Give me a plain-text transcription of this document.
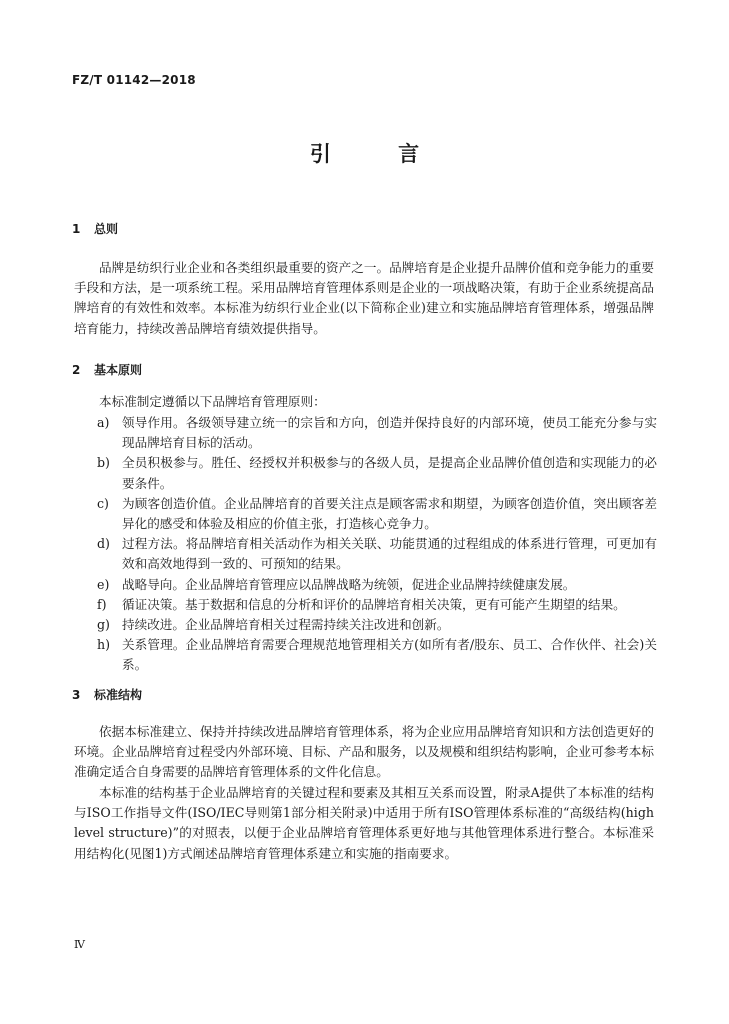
FZ/T 01142—2018
引 言
1 总则

品牌是纺织行业企业和各类组织最重要的资产之一。品牌培育是企业提升品牌价值和竞争能力的重要手段和方法，是一项系统工程。采用品牌培育管理体系则是企业的一项战略决策，有助于企业系统提高品牌培育的有效性和效率。本标准为纺织行业企业(以下简称企业)建立和实施品牌培育管理体系，增强品牌培育能力，持续改善品牌培育绩效提供指导。

2 基本原则

本标准制定遵循以下品牌培育管理原则：

a) 领导作用。各级领导建立统一的宗旨和方向，创造并保持良好的内部环境，使员工能充分参与实现品牌培育目标的活动。
b) 全员积极参与。胜任、经授权并积极参与的各级人员，是提高企业品牌价值创造和实现能力的必要条件。
c) 为顾客创造价值。企业品牌培育的首要关注点是顾客需求和期望，为顾客创造价值，突出顾客差异化的感受和体验及相应的价值主张，打造核心竞争力。
d) 过程方法。将品牌培育相关活动作为相关关联、功能贯通的过程组成的体系进行管理，可更加有效和高效地得到一致的、可预知的结果。
e) 战略导向。企业品牌培育管理应以品牌战略为统领，促进企业品牌持续健康发展。
f) 循证决策。基于数据和信息的分析和评价的品牌培育相关决策，更有可能产生期望的结果。
g) 持续改进。企业品牌培育相关过程需持续关注改进和创新。
h) 关系管理。企业品牌培育需要合理规范地管理相关方(如所有者/股东、员工、合作伙伴、社会)关系。
3 标准结构

依据本标准建立、保持并持续改进品牌培育管理体系，将为企业应用品牌培育知识和方法创造更好的环境。企业品牌培育过程受内外部环境、目标、产品和服务，以及规模和组织结构影响，企业可参考本标准确定适合自身需要的品牌培育管理体系的文件化信息。

本标准的结构基于企业品牌培育的关键过程和要素及其相互关系而设置，附录A提供了本标准的结构与ISO工作指导文件(ISO/IEC导则第1部分相关附录)中适用于所有ISO管理体系标准的“高级结构(high level structure)”的对照表，以便于企业品牌培育管理体系更好地与其他管理体系进行整合。本标准采用结构化(见图1)方式阐述品牌培育管理体系建立和实施的指南要求。

Ⅳ
